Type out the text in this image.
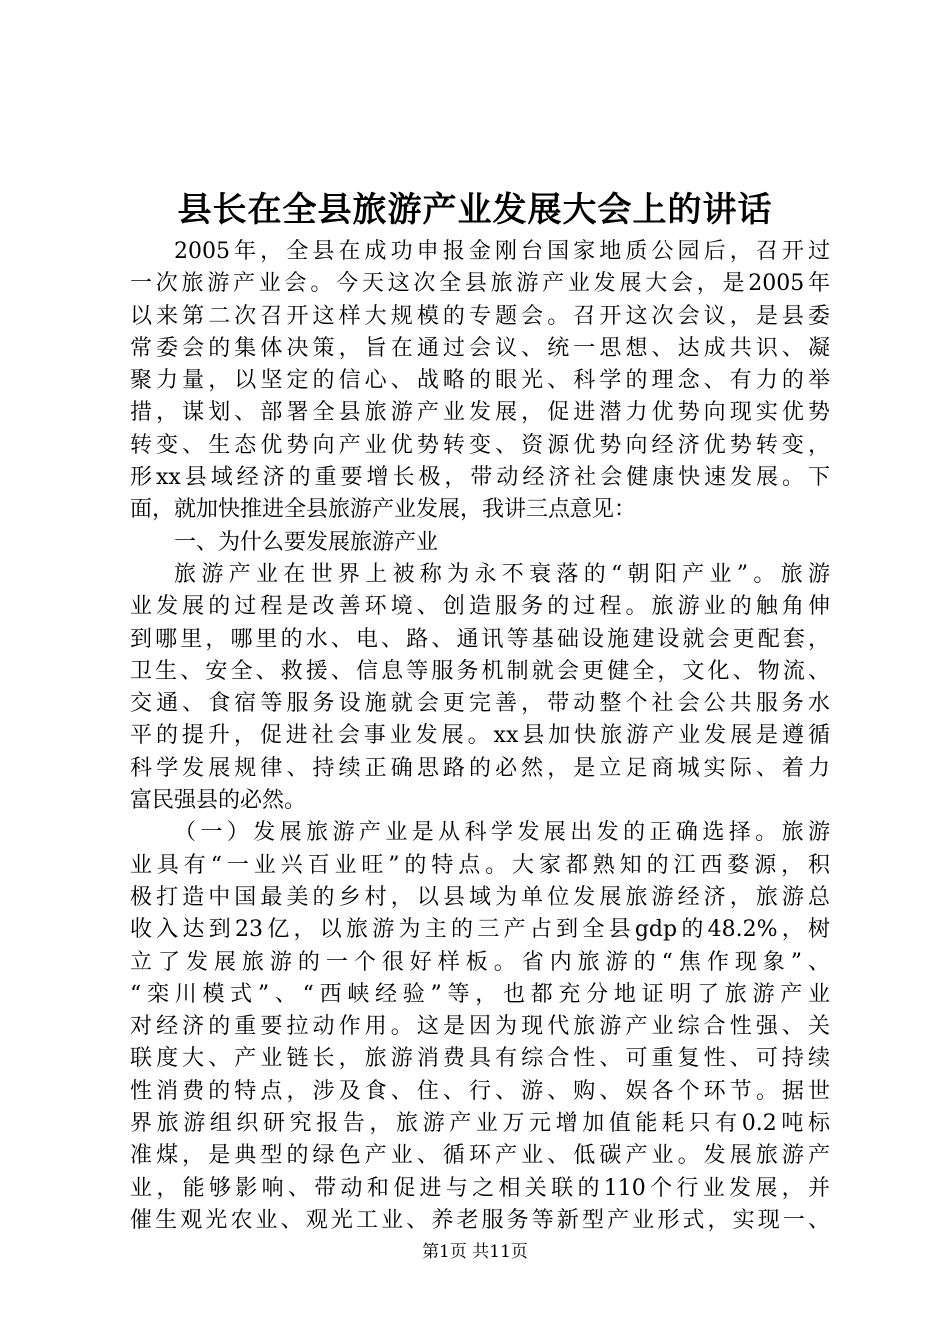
县长在全县旅游产业发展大会上的讲话
2005年，全县在成功申报金刚台国家地质公园后，召开过
一次旅游产业会。今天这次全县旅游产业发展大会，是2005年
以来第二次召开这样大规模的专题会。召开这次会议，是县委
常委会的集体决策，旨在通过会议、统一思想、达成共识、凝
聚力量，以坚定的信心、战略的眼光、科学的理念、有力的举
措，谋划、部署全县旅游产业发展，促进潜力优势向现实优势
转变、生态优势向产业优势转变、资源优势向经济优势转变，
形xx县域经济的重要增长极，带动经济社会健康快速发展。下
面，就加快推进全县旅游产业发展，我讲三点意见：
一、为什么要发展旅游产业
旅游产业在世界上被称为永不衰落的“朝阳产业”。旅游
业发展的过程是改善环境、创造服务的过程。旅游业的触角伸
到哪里，哪里的水、电、路、通讯等基础设施建设就会更配套，
卫生、安全、救援、信息等服务机制就会更健全，文化、物流、
交通、食宿等服务设施就会更完善，带动整个社会公共服务水
平的提升，促进社会事业发展。xx县加快旅游产业发展是遵循
科学发展规律、持续正确思路的必然，是立足商城实际、着力
富民强县的必然。
（一）发展旅游产业是从科学发展出发的正确选择。旅游
业具有“一业兴百业旺”的特点。大家都熟知的江西婺源，积
极打造中国最美的乡村，以县域为单位发展旅游经济，旅游总
收入达到23亿，以旅游为主的三产占到全县gdp的48.2%，树
立了发展旅游的一个很好样板。省内旅游的“焦作现象”、
“栾川模式”、“西峡经验”等，也都充分地证明了旅游产业
对经济的重要拉动作用。这是因为现代旅游产业综合性强、关
联度大、产业链长，旅游消费具有综合性、可重复性、可持续
性消费的特点，涉及食、住、行、游、购、娱各个环节。据世
界旅游组织研究报告，旅游产业万元增加值能耗只有0.2吨标
准煤，是典型的绿色产业、循环产业、低碳产业。发展旅游产
业，能够影响、带动和促进与之相关联的110个行业发展，并
催生观光农业、观光工业、养老服务等新型产业形式，实现一、
第1页 共11页
